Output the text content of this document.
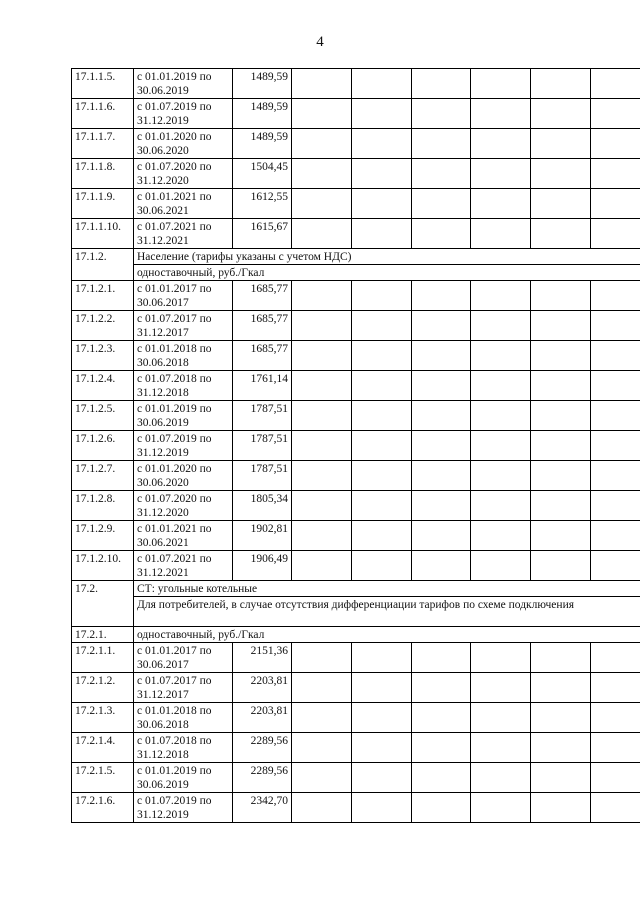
4
17.1.1.5.	с 01.01.2019 по 30.06.2019	1489,59						
17.1.1.6.	с 01.07.2019 по 31.12.2019	1489,59						
17.1.1.7.	с 01.01.2020 по 30.06.2020	1489,59						
17.1.1.8.	с 01.07.2020 по 31.12.2020	1504,45						
17.1.1.9.	с 01.01.2021 по 30.06.2021	1612,55						
17.1.1.10.	с 01.07.2021 по 31.12.2021	1615,67						
17.1.2.	Население (тарифы указаны с учетом НДС)							
	одноставочный, руб./Гкал							
17.1.2.1.	с 01.01.2017 по 30.06.2017	1685,77						
17.1.2.2.	с 01.07.2017 по 31.12.2017	1685,77						
17.1.2.3.	с 01.01.2018 по 30.06.2018	1685,77						
17.1.2.4.	с 01.07.2018 по 31.12.2018	1761,14						
17.1.2.5.	с 01.01.2019 по 30.06.2019	1787,51						
17.1.2.6.	с 01.07.2019 по 31.12.2019	1787,51						
17.1.2.7.	с 01.01.2020 по 30.06.2020	1787,51						
17.1.2.8.	с 01.07.2020 по 31.12.2020	1805,34						
17.1.2.9.	с 01.01.2021 по 30.06.2021	1902,81						
17.1.2.10.	с 01.07.2021 по 31.12.2021	1906,49						
17.2.	СТ: угольные котельные							
	Для потребителей, в случае отсутствия дифференциации тарифов по схеме подключения							
17.2.1.	одноставочный, руб./Гкал							
17.2.1.1.	с 01.01.2017 по 30.06.2017	2151,36						
17.2.1.2.	с 01.07.2017 по 31.12.2017	2203,81						
17.2.1.3.	с 01.01.2018 по 30.06.2018	2203,81						
17.2.1.4.	с 01.07.2018 по 31.12.2018	2289,56						
17.2.1.5.	с 01.01.2019 по 30.06.2019	2289,56						
17.2.1.6.	с 01.07.2019 по 31.12.2019	2342,70						
